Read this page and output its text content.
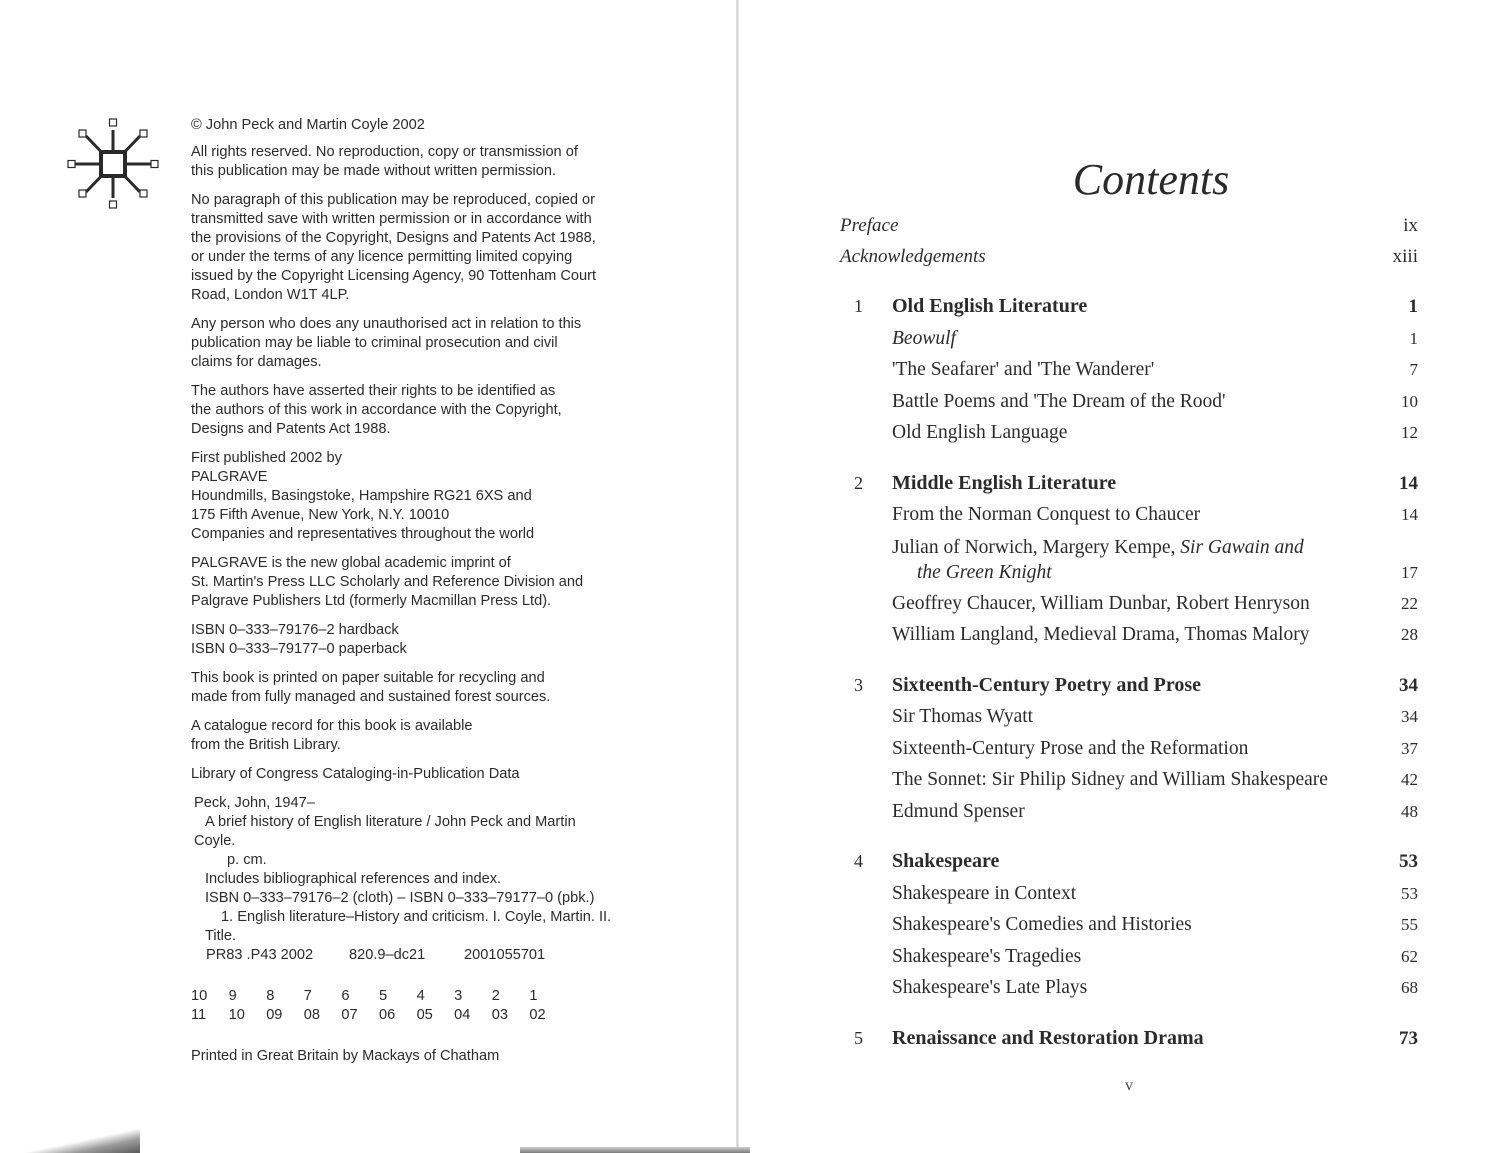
© John Peck and Martin Coyle 2002

All rights reserved. No reproduction, copy or transmission of

this publication may be made without written permission.

No paragraph of this publication may be reproduced, copied or

transmitted save with written permission or in accordance with

the provisions of the Copyright, Designs and Patents Act 1988,

or under the terms of any licence permitting limited copying

issued by the Copyright Licensing Agency, 90 Tottenham Court

Road, London W1T 4LP.

Any person who does any unauthorised act in relation to this

publication may be liable to criminal prosecution and civil

claims for damages.

The authors have asserted their rights to be identified as

the authors of this work in accordance with the Copyright,

Designs and Patents Act 1988.

First published 2002 by

PALGRAVE

Houndmills, Basingstoke, Hampshire RG21 6XS and

175 Fifth Avenue, New York, N.Y. 10010

Companies and representatives throughout the world

PALGRAVE is the new global academic imprint of

St. Martin's Press LLC Scholarly and Reference Division and

Palgrave Publishers Ltd (formerly Macmillan Press Ltd).

ISBN 0–333–79176–2 hardback

ISBN 0–333–79177–0 paperback

This book is printed on paper suitable for recycling and

made from fully managed and sustained forest sources.

A catalogue record for this book is available

from the British Library.

Library of Congress Cataloging-in-Publication Data

Peck, John, 1947–

A brief history of English literature / John Peck and Martin

Coyle.

p. cm.

Includes bibliographical references and index.

ISBN 0–333–79176–2 (cloth) – ISBN 0–333–79177–0 (pbk.)

1. English literature–History and criticism. I. Coyle, Martin. II.

Title.

PR83 .P43 2002	820.9–dc21	2001055701
10	9	8	7	6	5	4	3	2	1
11	10	09	08	07	06	05	04	03	02

Printed in Great Britain by Mackays of Chatham

Contents
Preface	ix
Acknowledgements	xiii
1	Old English Literature	1
Beowulf	1
'The Seafarer' and 'The Wanderer'	7
Battle Poems and 'The Dream of the Rood'	10
Old English Language	12
2	Middle English Literature	14
From the Norman Conquest to Chaucer	14
Julian of Norwich, Margery Kempe, Sir Gawain and
the Green Knight	17
Geoffrey Chaucer, William Dunbar, Robert Henryson	22
William Langland, Medieval Drama, Thomas Malory	28
3	Sixteenth-Century Poetry and Prose	34
Sir Thomas Wyatt	34
Sixteenth-Century Prose and the Reformation	37
The Sonnet: Sir Philip Sidney and William Shakespeare	42
Edmund Spenser	48
4	Shakespeare	53
Shakespeare in Context	53
Shakespeare's Comedies and Histories	55
Shakespeare's Tragedies	62
Shakespeare's Late Plays	68
5	Renaissance and Restoration Drama	73
v
